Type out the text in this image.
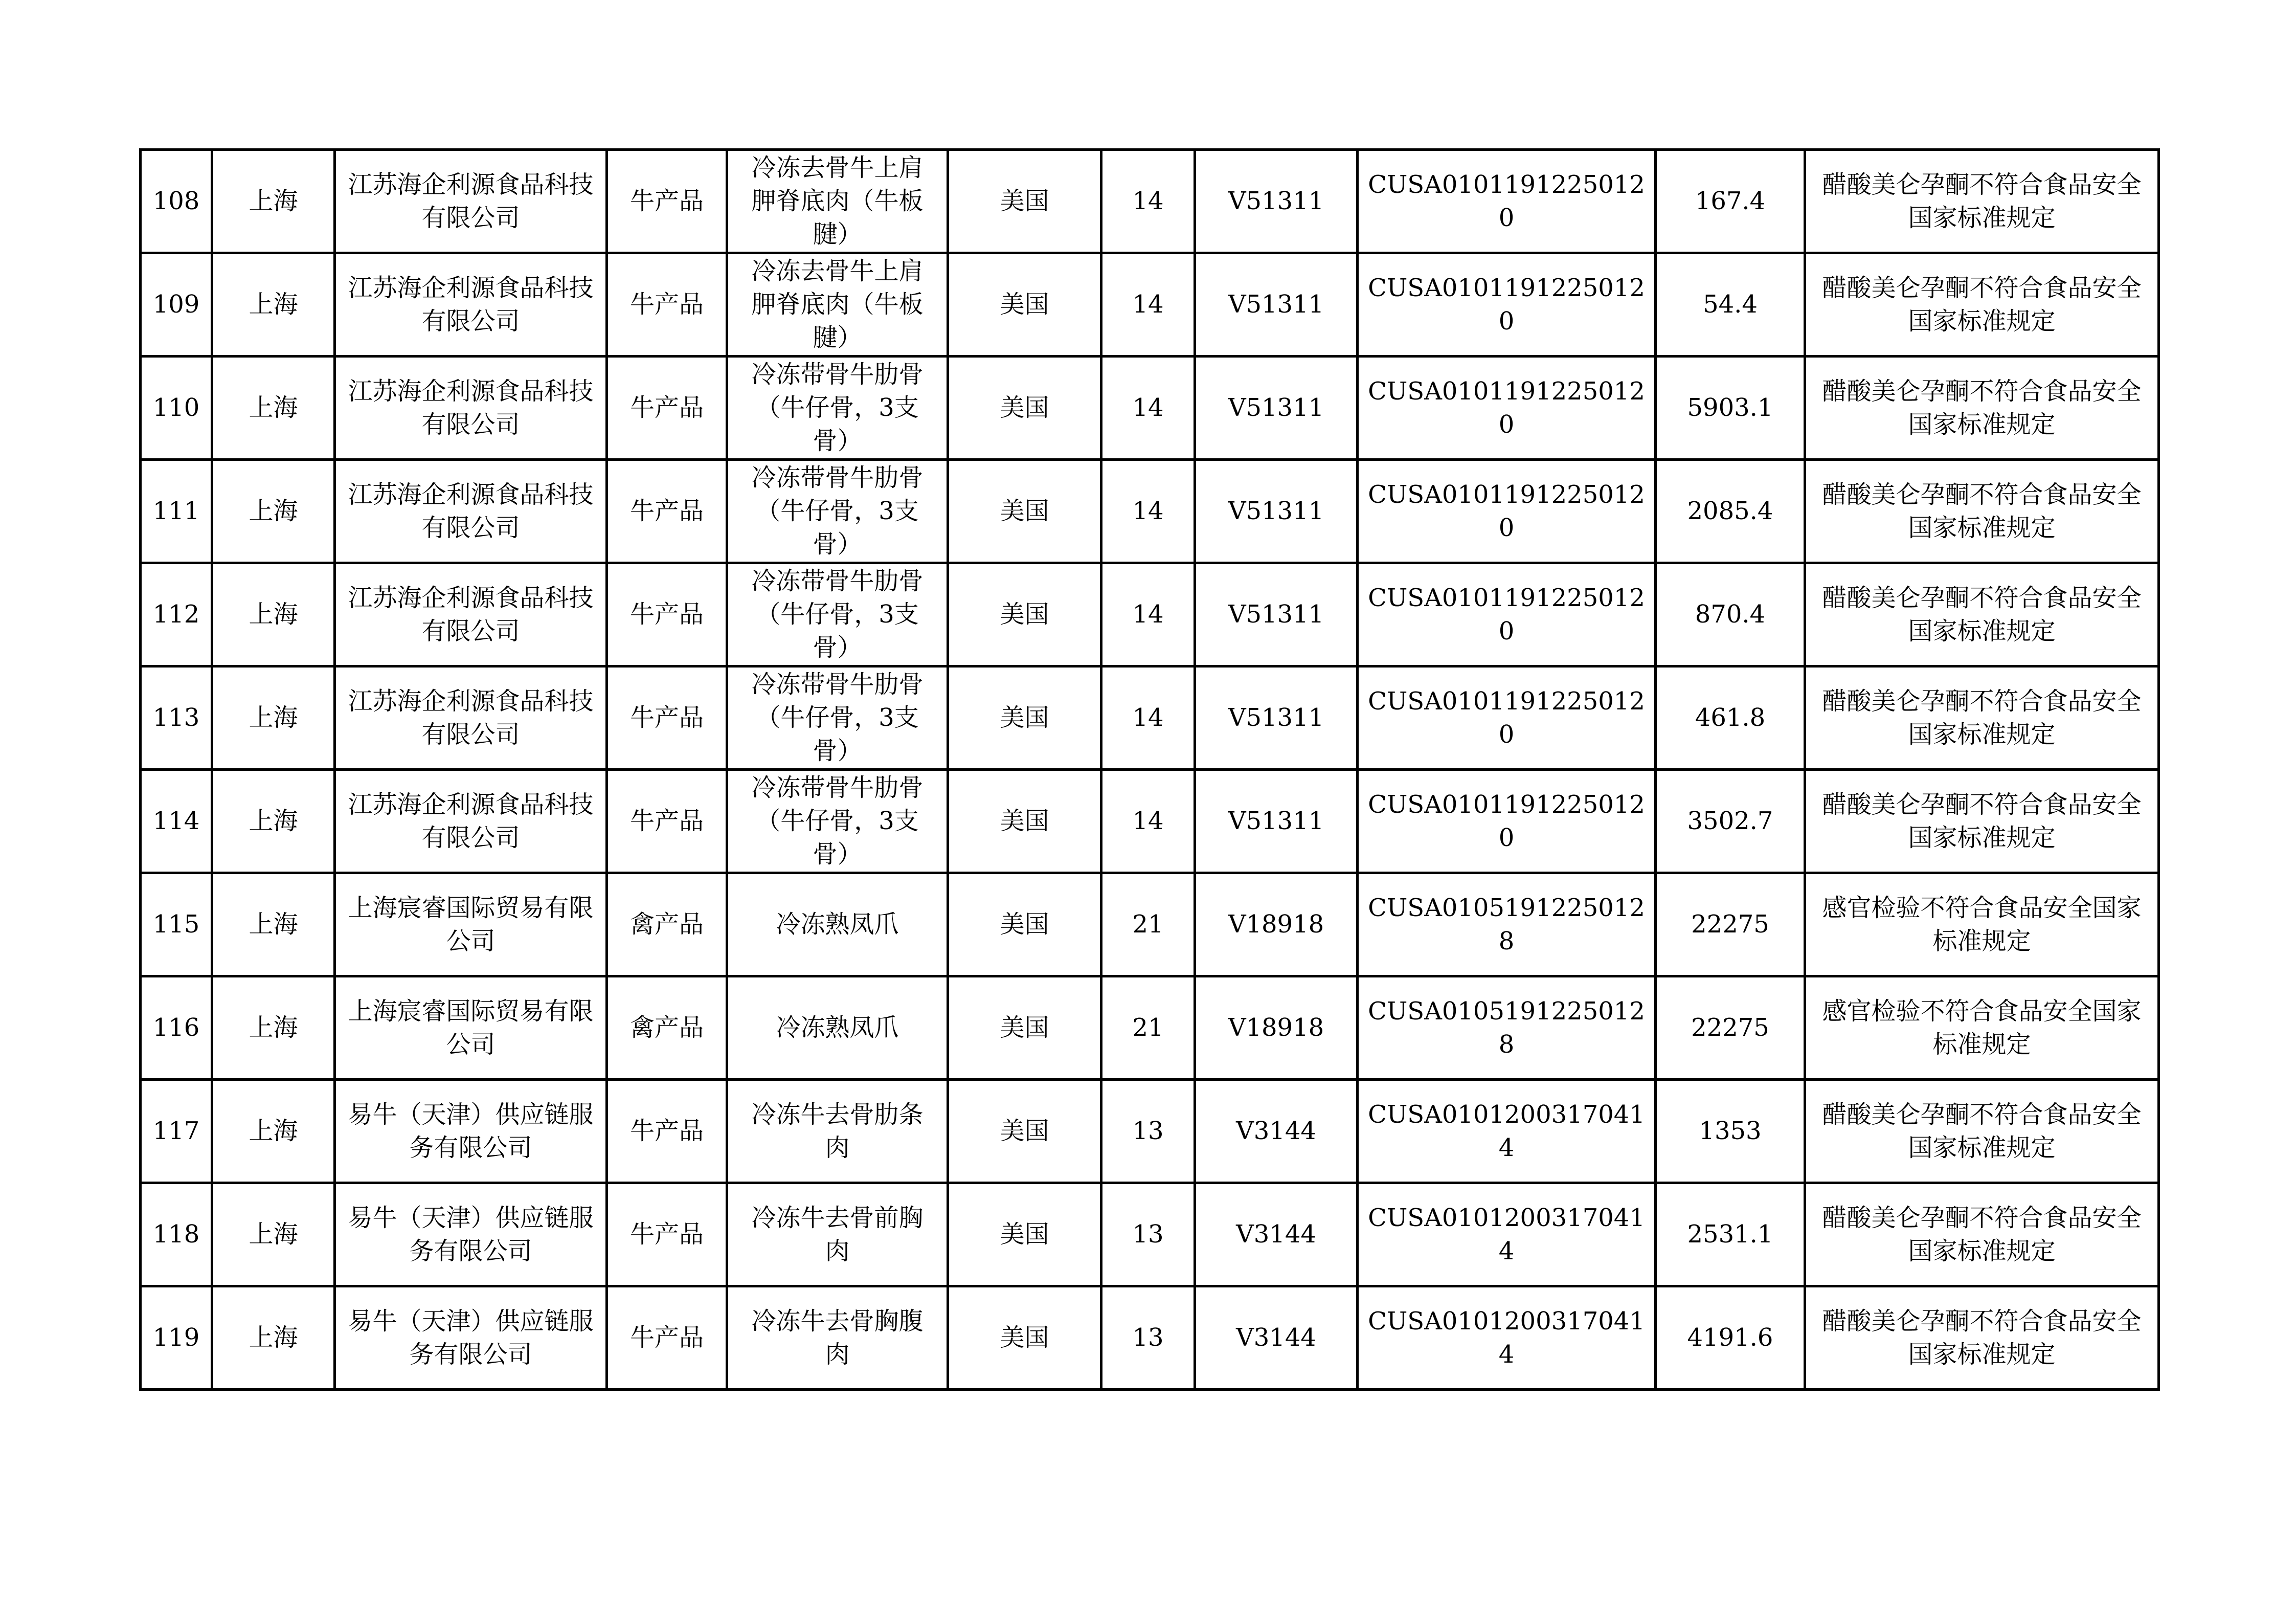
108	上海	江苏海企利源食品科技有限公司	牛产品	冷冻去骨牛上肩胛脊底肉（牛板腱）	美国	14	V51311	CUSA01011912250120	167.4	醋酸美仑孕酮不符合食品安全国家标准规定
109	上海	江苏海企利源食品科技有限公司	牛产品	冷冻去骨牛上肩胛脊底肉（牛板腱）	美国	14	V51311	CUSA01011912250120	54.4	醋酸美仑孕酮不符合食品安全国家标准规定
110	上海	江苏海企利源食品科技有限公司	牛产品	冷冻带骨牛肋骨（牛仔骨，3支骨）	美国	14	V51311	CUSA01011912250120	5903.1	醋酸美仑孕酮不符合食品安全国家标准规定
111	上海	江苏海企利源食品科技有限公司	牛产品	冷冻带骨牛肋骨（牛仔骨，3支骨）	美国	14	V51311	CUSA01011912250120	2085.4	醋酸美仑孕酮不符合食品安全国家标准规定
112	上海	江苏海企利源食品科技有限公司	牛产品	冷冻带骨牛肋骨（牛仔骨，3支骨）	美国	14	V51311	CUSA01011912250120	870.4	醋酸美仑孕酮不符合食品安全国家标准规定
113	上海	江苏海企利源食品科技有限公司	牛产品	冷冻带骨牛肋骨（牛仔骨，3支骨）	美国	14	V51311	CUSA01011912250120	461.8	醋酸美仑孕酮不符合食品安全国家标准规定
114	上海	江苏海企利源食品科技有限公司	牛产品	冷冻带骨牛肋骨（牛仔骨，3支骨）	美国	14	V51311	CUSA01011912250120	3502.7	醋酸美仑孕酮不符合食品安全国家标准规定
115	上海	上海宸睿国际贸易有限公司	禽产品	冷冻熟凤爪	美国	21	V18918	CUSA01051912250128	22275	感官检验不符合食品安全国家标准规定
116	上海	上海宸睿国际贸易有限公司	禽产品	冷冻熟凤爪	美国	21	V18918	CUSA01051912250128	22275	感官检验不符合食品安全国家标准规定
117	上海	易牛（天津）供应链服务有限公司	牛产品	冷冻牛去骨肋条肉	美国	13	V3144	CUSA01012003170414	1353	醋酸美仑孕酮不符合食品安全国家标准规定
118	上海	易牛（天津）供应链服务有限公司	牛产品	冷冻牛去骨前胸肉	美国	13	V3144	CUSA01012003170414	2531.1	醋酸美仑孕酮不符合食品安全国家标准规定
119	上海	易牛（天津）供应链服务有限公司	牛产品	冷冻牛去骨胸腹肉	美国	13	V3144	CUSA01012003170414	4191.6	醋酸美仑孕酮不符合食品安全国家标准规定
